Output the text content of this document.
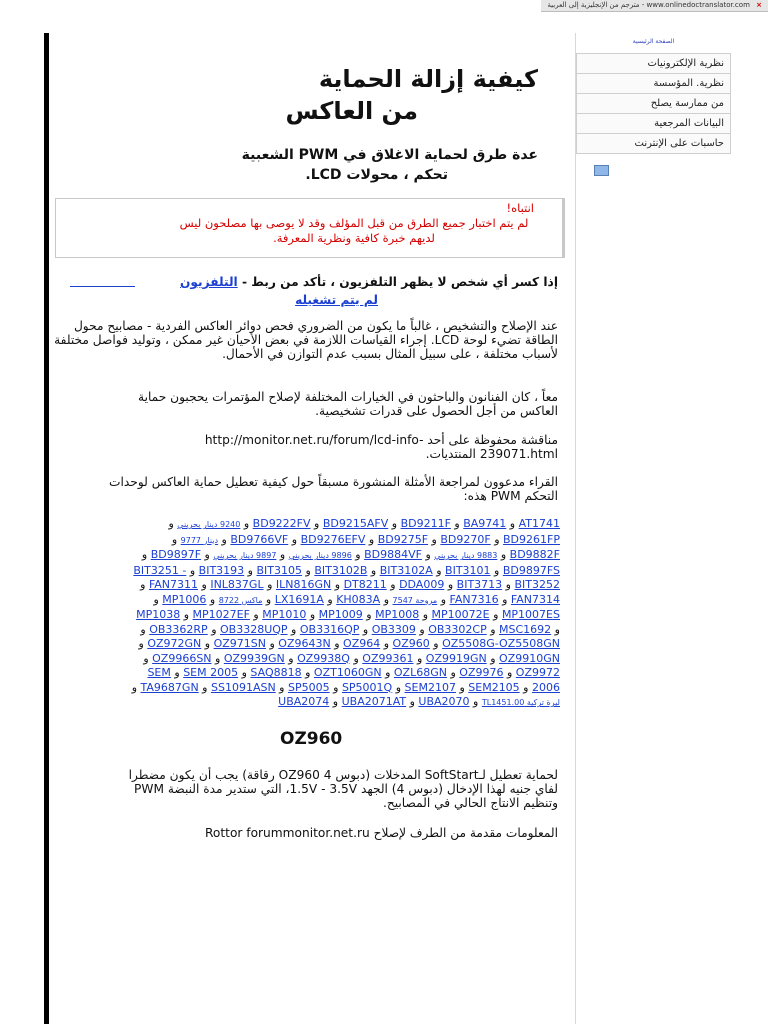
× www.onlinedoctranslator.com - مترجم من الإنجليزية إلى العربية
كيفية إزالة الحماية
من العاكس
عدة طرق لحماية الاغلاق في PWM الشعبية
تحكم ، محولات LCD.
انتباه!
لم يتم اختبار جميع الطرق من قبل المؤلف وقد لا يوصى بها مصلحون ليس لديهم خبرة كافية ونظرية المعرفة.
إذا كسر أي شخص لا يظهر التلفزيون ، تأكد من ربط - التلفزيون
لم يتم تشغيله
عند الإصلاح والتشخيص ، غالباً ما يكون من الضروري فحص دوائر العاكس الفردية - مصابيح محول الطاقة تضيء لوحة LCD. إجراء القياسات اللازمة في بعض الأحيان غير ممكن ، وتوليد فواصل مختلفة لأسباب مختلفة ، على سبيل المثال بسبب عدم التوازن في الأحمال.
معاً ، كان الفنانون والباحثون في الخيارات المختلفة لإصلاح المؤتمرات يحجبون حماية العاكس من أجل الحصول على قدرات تشخيصية.
مناقشة محفوظة على أحد http://monitor.net.ru/forum/lcd-info-239071.html المنتديات.
القراء مدعوون لمراجعة الأمثلة المنشورة مسبقاً حول كيفية تعطيل حماية العاكس لوحدات التحكم PWM هذه:
AT1741 و BA9741 و BD9211F و BD9215AFV و BD9222FV و 9240 دينار بحريني و BD9261FP و BD9270F و BD9275F و BD9276EFV و BD9766VF و دينار 9777 و BD9882F و 9883 دينار بحريني و BD9884VF و 9896 دينار بحريني و 9897 دينار بحريني و BD9897F و BD9897FS و BIT3101 و BIT3102A و BIT3102B و BIT3105 و BIT3193 و BIT3251 - BIT3252 و BIT3713 و DDA009 و DT8211 و ILN816GN و INL837GL و FAN7311 و FAN7314 و FAN7316 و مروحة 7547 و KH083A و LX1691A و ماكس 8722 و MP1006 و MP1007ES و MP10072E و MP1008 و MP1009 و MP1010 و MP1027EF و MP1038 و MSC1692 و OB3302CP و OB3309 و OB3316QP و OB3328UQP و OB3362RP و OZ5508G-OZ5508GN و OZ960 و OZ964 و OZ9643N و OZ971SN و OZ972GN و OZ9910GN و OZ9919GN و OZ99361 و OZ9938Q و OZ9939GN و OZ9966SN و OZ9972 و OZ9976 و OZL68GN و OZT1060GN و SAQ8818 و SEM 2005 و SEM 2006 و SEM2105 و SEM2107 و SP5001Q و SP5005 و SS1091ASN و TA9687GN و ليرة تركية TL1451.00 و UBA2070 و UBA2071AT و UBA2074
OZ960
لحماية تعطيل لـSoftStart المدخلات (دبوس 4 OZ960 رقاقة) يجب أن يكون مضطرا لفاي جنيه لهذا الإدخال (دبوس 4) الجهد 1.5V - 3.5V، التي ستدير مدة النبضة PWM وتنظيم الانتاج الحالي في المصابيح.
المعلومات مقدمة من الطرف لإصلاح Rottor forummonitor.net.ru
الصفحة الرئيسية
نظرية الإلكترونيات
نظرية. المؤسسة
من ممارسة يصلح
البيانات المرجعية
حاسبات على الإنترنت
